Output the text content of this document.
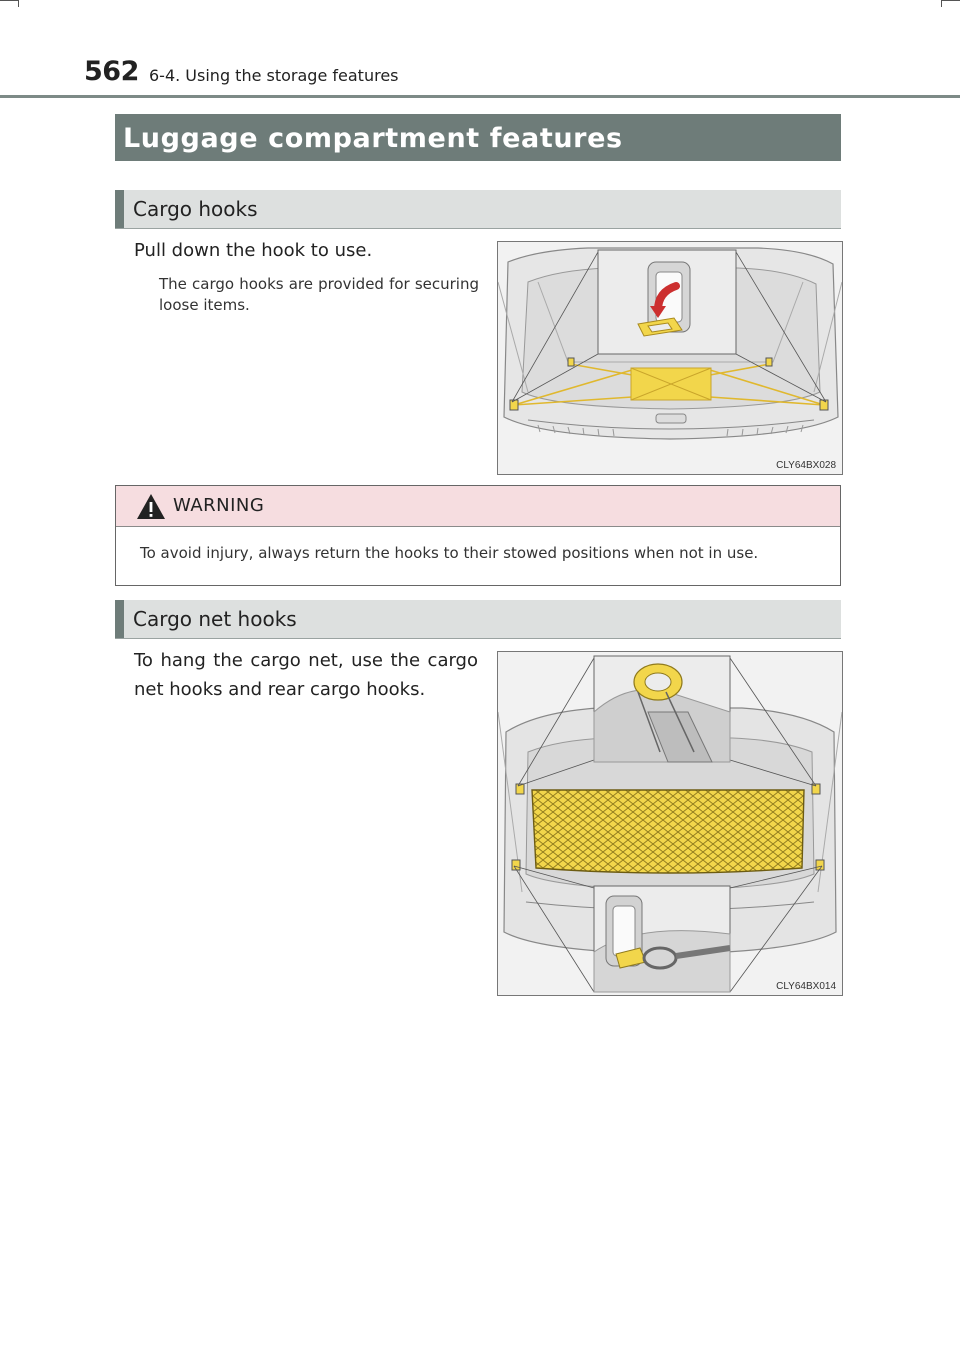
562 6-4. Using the storage features
Luggage compartment features
Cargo hooks
Pull down the hook to use.
The cargo hooks are provided for securing loose items.
CLY64BX028
WARNING
To avoid injury, always return the hooks to their stowed positions when not in use.
Cargo net hooks
To hang the cargo net, use the cargo net hooks and rear cargo hooks.
CLY64BX014
